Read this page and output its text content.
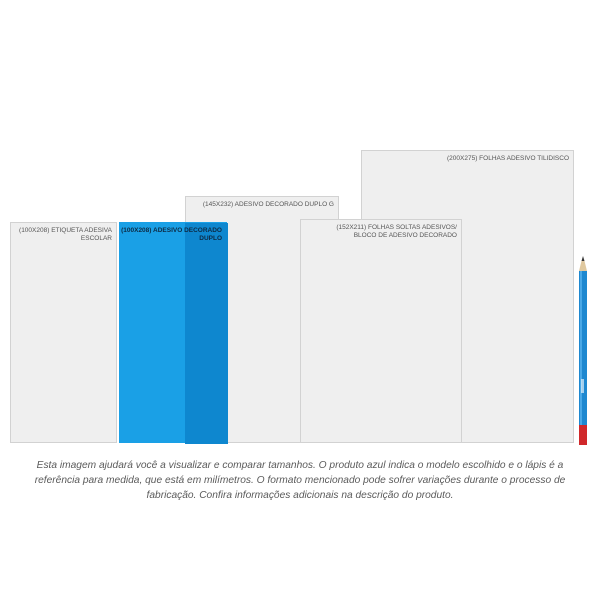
(200X275) FOLHAS ADESIVO TILIDISCO
(145X232) ADESIVO DECORADO DUPLO G
(152X211) FOLHAS SOLTAS ADESIVOS/
BLOCO DE ADESIVO DECORADO
(100X208) ETIQUETA ADESIVA
ESCOLAR
(100X208) ADESIVO DECORADO
DUPLO
Esta imagem ajudará você a visualizar e comparar tamanhos. O produto azul indica o modelo escolhido e o lápis é a referência para medida, que está em milímetros. O formato mencionado pode sofrer variações durante o processo de fabricação. Confira informações adicionais na descrição do produto.
